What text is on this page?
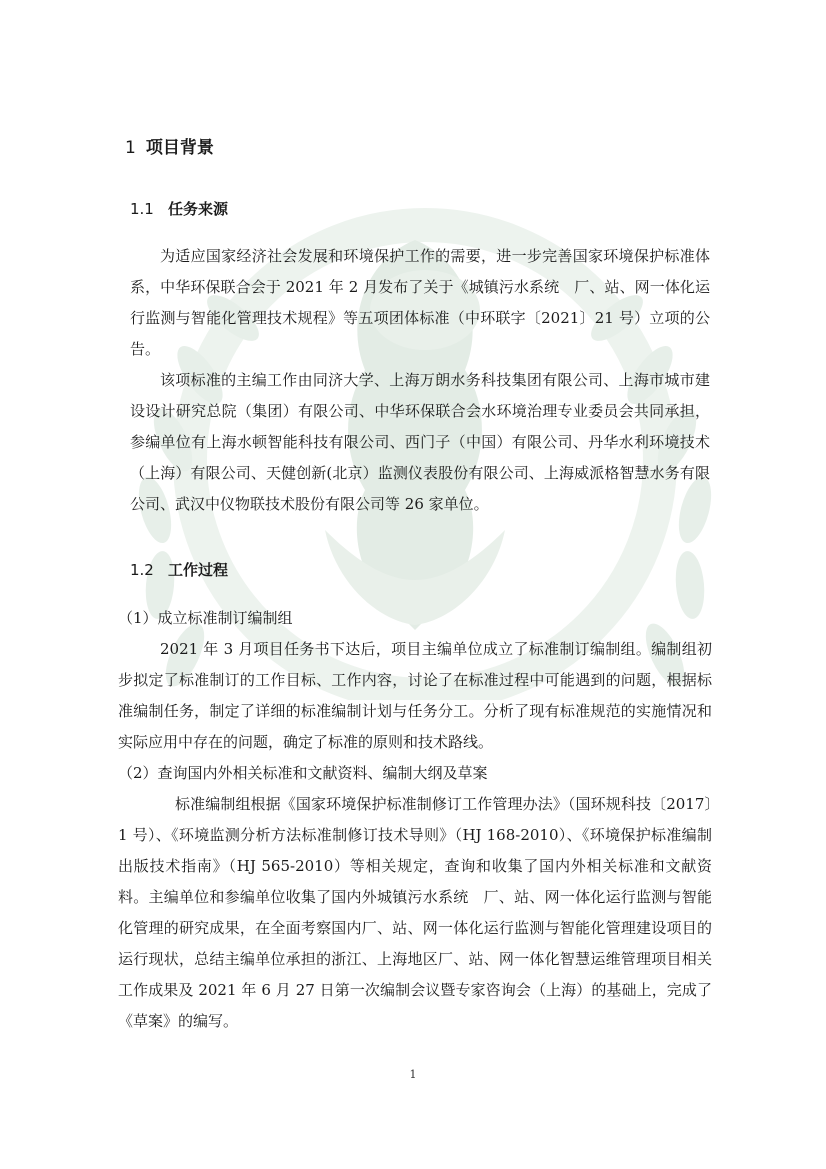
1 项目背景
1.1 任务来源

为适应国家经济社会发展和环境保护工作的需要，进一步完善国家环境保护标准体系，中华环保联合会于 2021 年 2 月发布了关于《城镇污水系统　厂、站、网一体化运行监测与智能化管理技术规程》等五项团体标准（中环联字〔2021〕21 号）立项的公告。

该项标准的主编工作由同济大学、上海万朗水务科技集团有限公司、上海市城市建设设计研究总院（集团）有限公司、中华环保联合会水环境治理专业委员会共同承担，参编单位有上海水顿智能科技有限公司、西门子（中国）有限公司、丹华水利环境技术（上海）有限公司、天健创新(北京）监测仪表股份有限公司、上海威派格智慧水务有限公司、武汉中仪物联技术股份有限公司等 26 家单位。

1.2 工作过程

（1）成立标准制订编制组

2021 年 3 月项目任务书下达后，项目主编单位成立了标准制订编制组。编制组初步拟定了标准制订的工作目标、工作内容，讨论了在标准过程中可能遇到的问题，根据标准编制任务，制定了详细的标准编制计划与任务分工。分析了现有标准规范的实施情况和实际应用中存在的问题，确定了标准的原则和技术路线。

（2）查询国内外相关标准和文献资料、编制大纲及草案

标准编制组根据《国家环境保护标准制修订工作管理办法》（国环规科技〔2017〕1 号）、《环境监测分析方法标准制修订技术导则》（HJ 168-2010）、《环境保护标准编制出版技术指南》（HJ 565-2010）等相关规定，查询和收集了国内外相关标准和文献资料。主编单位和参编单位收集了国内外城镇污水系统　厂、站、网一体化运行监测与智能化管理的研究成果，在全面考察国内厂、站、网一体化运行监测与智能化管理建设项目的运行现状，总结主编单位承担的浙江、上海地区厂、站、网一体化智慧运维管理项目相关工作成果及 2021 年 6 月 27 日第一次编制会议暨专家咨询会（上海）的基础上，完成了《草案》的编写。

1
